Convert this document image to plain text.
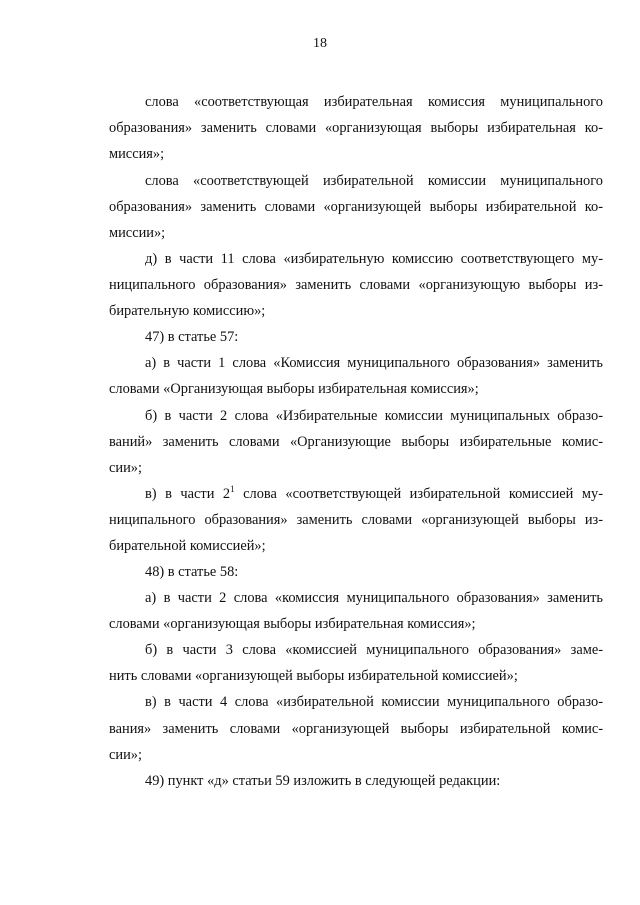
18
слова «соответствующая избирательная комиссия муниципального
образования» заменить словами «организующая выборы избирательная ко-
миссия»;
слова «соответствующей избирательной комиссии муниципального
образования» заменить словами «организующей выборы избирательной ко-
миссии»;
д) в части 11 слова «избирательную комиссию соответствующего му-
ниципального образования» заменить словами «организующую выборы из-
бирательную комиссию»;
47) в статье 57:
а) в части 1 слова «Комиссия муниципального образования» заменить
словами «Организующая выборы избирательная комиссия»;
б) в части 2 слова «Избирательные комиссии муниципальных образо-
ваний» заменить словами «Организующие выборы избирательные комис-
сии»;
в) в части $2^1$ слова «соответствующей избирательной комиссией му-
ниципального образования» заменить словами «организующей выборы из-
бирательной комиссией»;
48) в статье 58:
а) в части 2 слова «комиссия муниципального образования» заменить
словами «организующая выборы избирательная комиссия»;
б) в части 3 слова «комиссией муниципального образования» заме-
нить словами «организующей выборы избирательной комиссией»;
в) в части 4 слова «избирательной комиссии муниципального образо-
вания» заменить словами «организующей выборы избирательной комис-
сии»;
49) пункт «д» статьи 59 изложить в следующей редакции:
